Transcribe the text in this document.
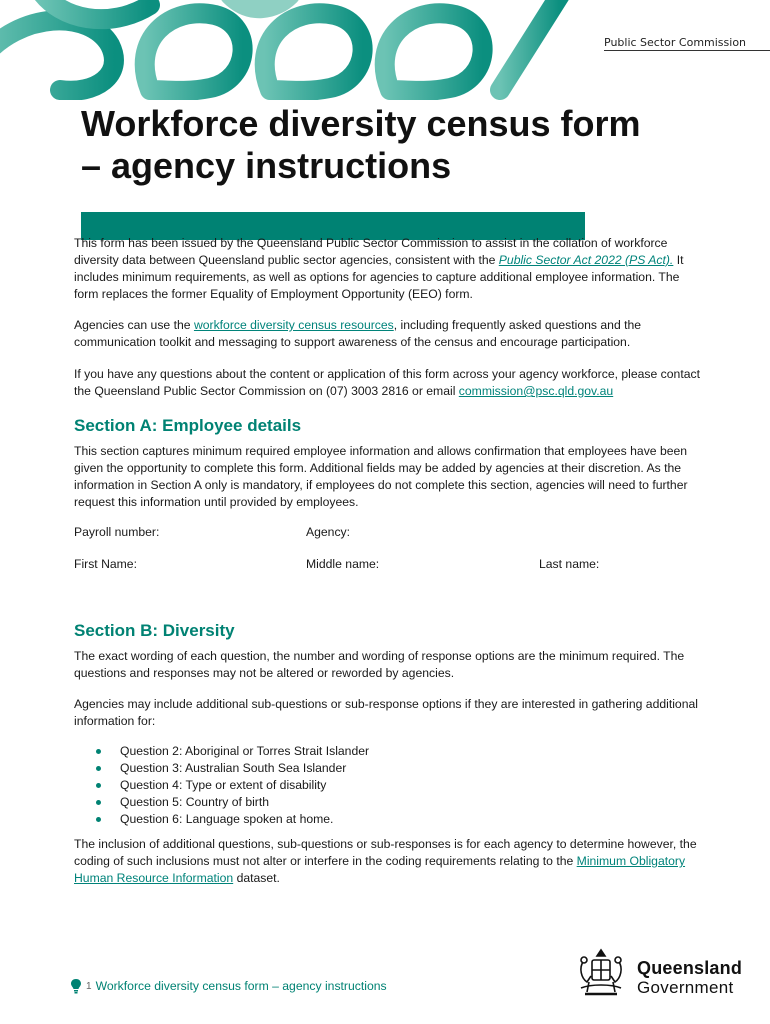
Public Sector Commission
Workforce diversity census form
– agency instructions

This form has been issued by the Queensland Public Sector Commission to assist in the collation of workforce diversity data between Queensland public sector agencies, consistent with the Public Sector Act 2022 (PS Act). It includes minimum requirements, as well as options for agencies to capture additional employee information. The form replaces the former Equality of Employment Opportunity (EEO) form.

Agencies can use the workforce diversity census resources, including frequently asked questions and the communication toolkit and messaging to support awareness of the census and encourage participation.

If you have any questions about the content or application of this form across your agency workforce, please contact the Queensland Public Sector Commission on (07) 3003 2816 or email commission@psc.qld.gov.au

Section A: Employee details

This section captures minimum required employee information and allows confirmation that employees have been given the opportunity to complete this form. Additional fields may be added by agencies at their discretion. As the information in Section A only is mandatory, if employees do not complete this section, agencies will need to further request this information until provided by employees.

Payroll number:	Agency:
First Name:	Middle name:	Last name:
Section B: Diversity

The exact wording of each question, the number and wording of response options are the minimum required. The questions and responses may not be altered or reworded by agencies.

Agencies may include additional sub-questions or sub-response options if they are interested in gathering additional information for:

Question 2: Aboriginal or Torres Strait Islander
Question 3: Australian South Sea Islander
Question 4: Type or extent of disability
Question 5: Country of birth
Question 6: Language spoken at home.

The inclusion of additional questions, sub-questions or sub-responses is for each agency to determine however, the coding of such inclusions must not alter or interfere in the coding requirements relating to the Minimum Obligatory Human Resource Information dataset.

1 Workforce diversity census form – agency instructions
Queensland
Government
